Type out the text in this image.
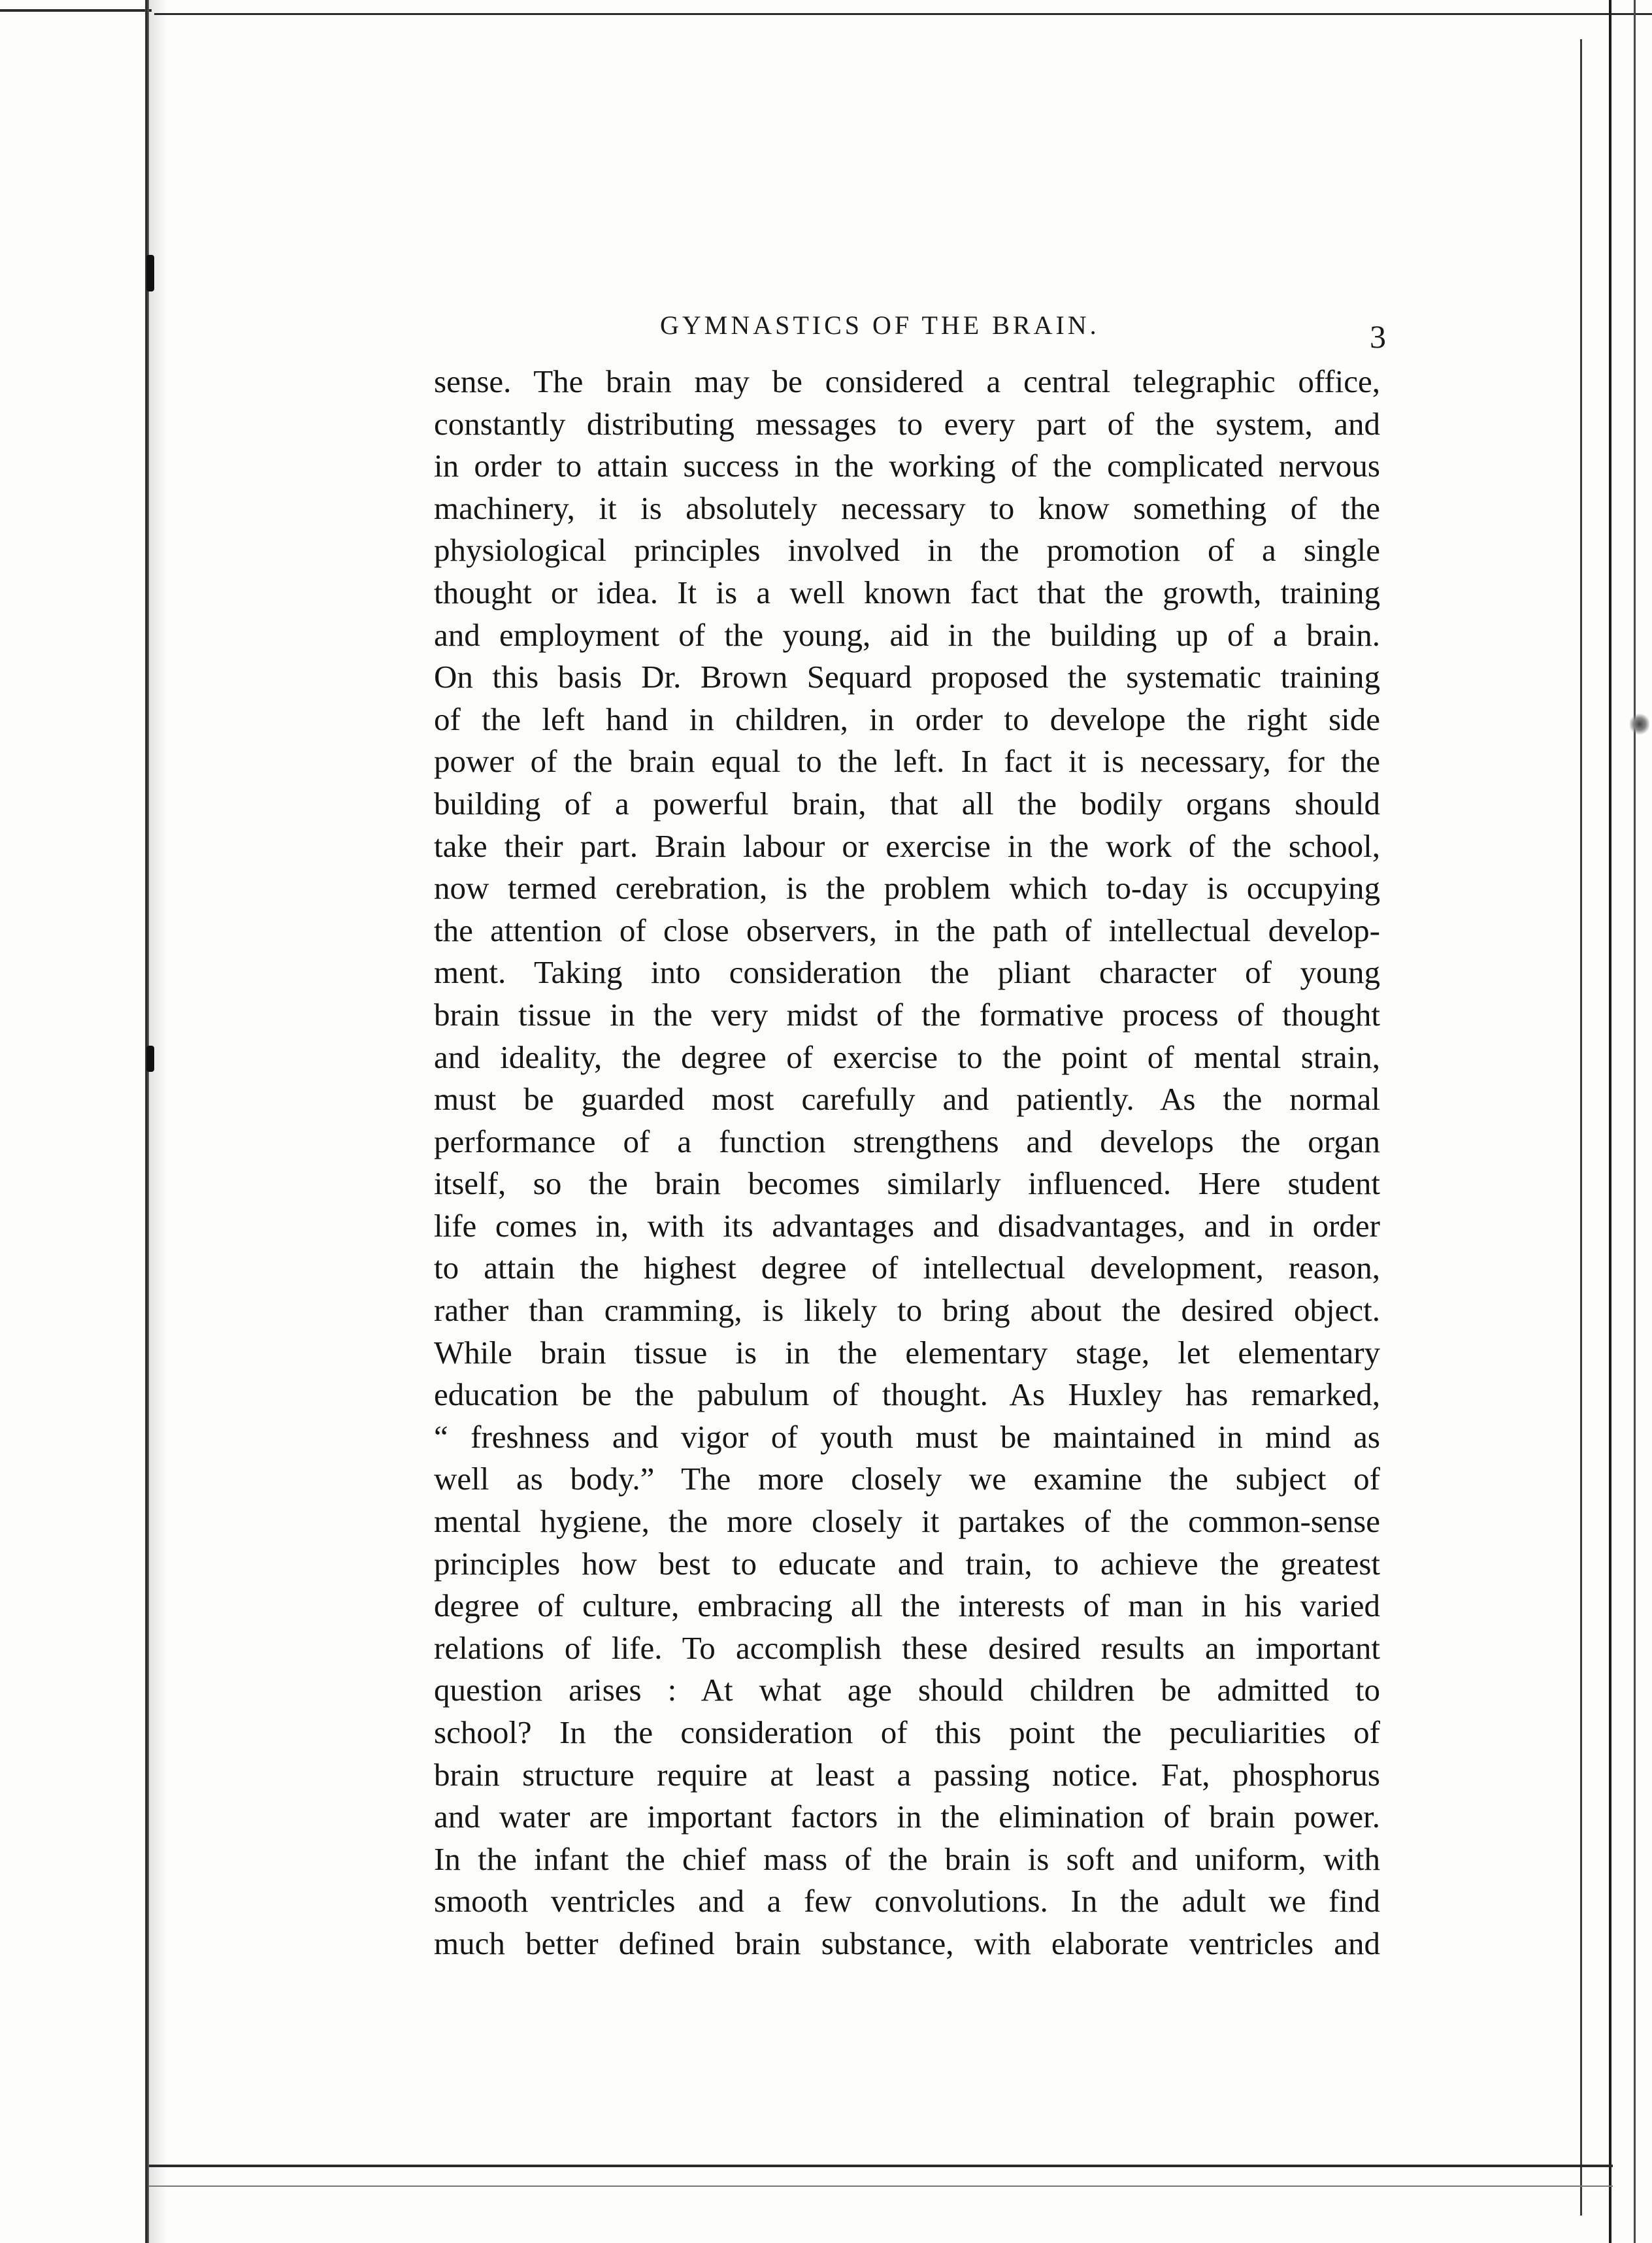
GYMNASTICS OF THE BRAIN.	3
sense. The brain may be considered a central telegraphic office,
constantly distributing messages to every part of the system, and
in order to attain success in the working of the complicated nervous
machinery, it is absolutely necessary to know something of the
physiological principles involved in the promotion of a single
thought or idea. It is a well known fact that the growth, training
and employment of the young, aid in the building up of a brain.
On this basis Dr. Brown Sequard proposed the systematic training
of the left hand in children, in order to develope the right side
power of the brain equal to the left. In fact it is necessary, for the
building of a powerful brain, that all the bodily organs should
take their part. Brain labour or exercise in the work of the school,
now termed cerebration, is the problem which to-day is occupying
the attention of close observers, in the path of intellectual develop-
ment. Taking into consideration the pliant character of young
brain tissue in the very midst of the formative process of thought
and ideality, the degree of exercise to the point of mental strain,
must be guarded most carefully and patiently. As the normal
performance of a function strengthens and develops the organ
itself, so the brain becomes similarly influenced. Here student
life comes in, with its advantages and disadvantages, and in order
to attain the highest degree of intellectual development, reason,
rather than cramming, is likely to bring about the desired object.
While brain tissue is in the elementary stage, let elementary
education be the pabulum of thought. As Huxley has remarked,
“ freshness and vigor of youth must be maintained in mind as
well as body.” The more closely we examine the subject of
mental hygiene, the more closely it partakes of the common-sense
principles how best to educate and train, to achieve the greatest
degree of culture, embracing all the interests of man in his varied
relations of life. To accomplish these desired results an important
question arises : At what age should children be admitted to
school? In the consideration of this point the peculiarities of
brain structure require at least a passing notice. Fat, phosphorus
and water are important factors in the elimination of brain power.
In the infant the chief mass of the brain is soft and uniform, with
smooth ventricles and a few convolutions. In the adult we find
much better defined brain substance, with elaborate ventricles and
